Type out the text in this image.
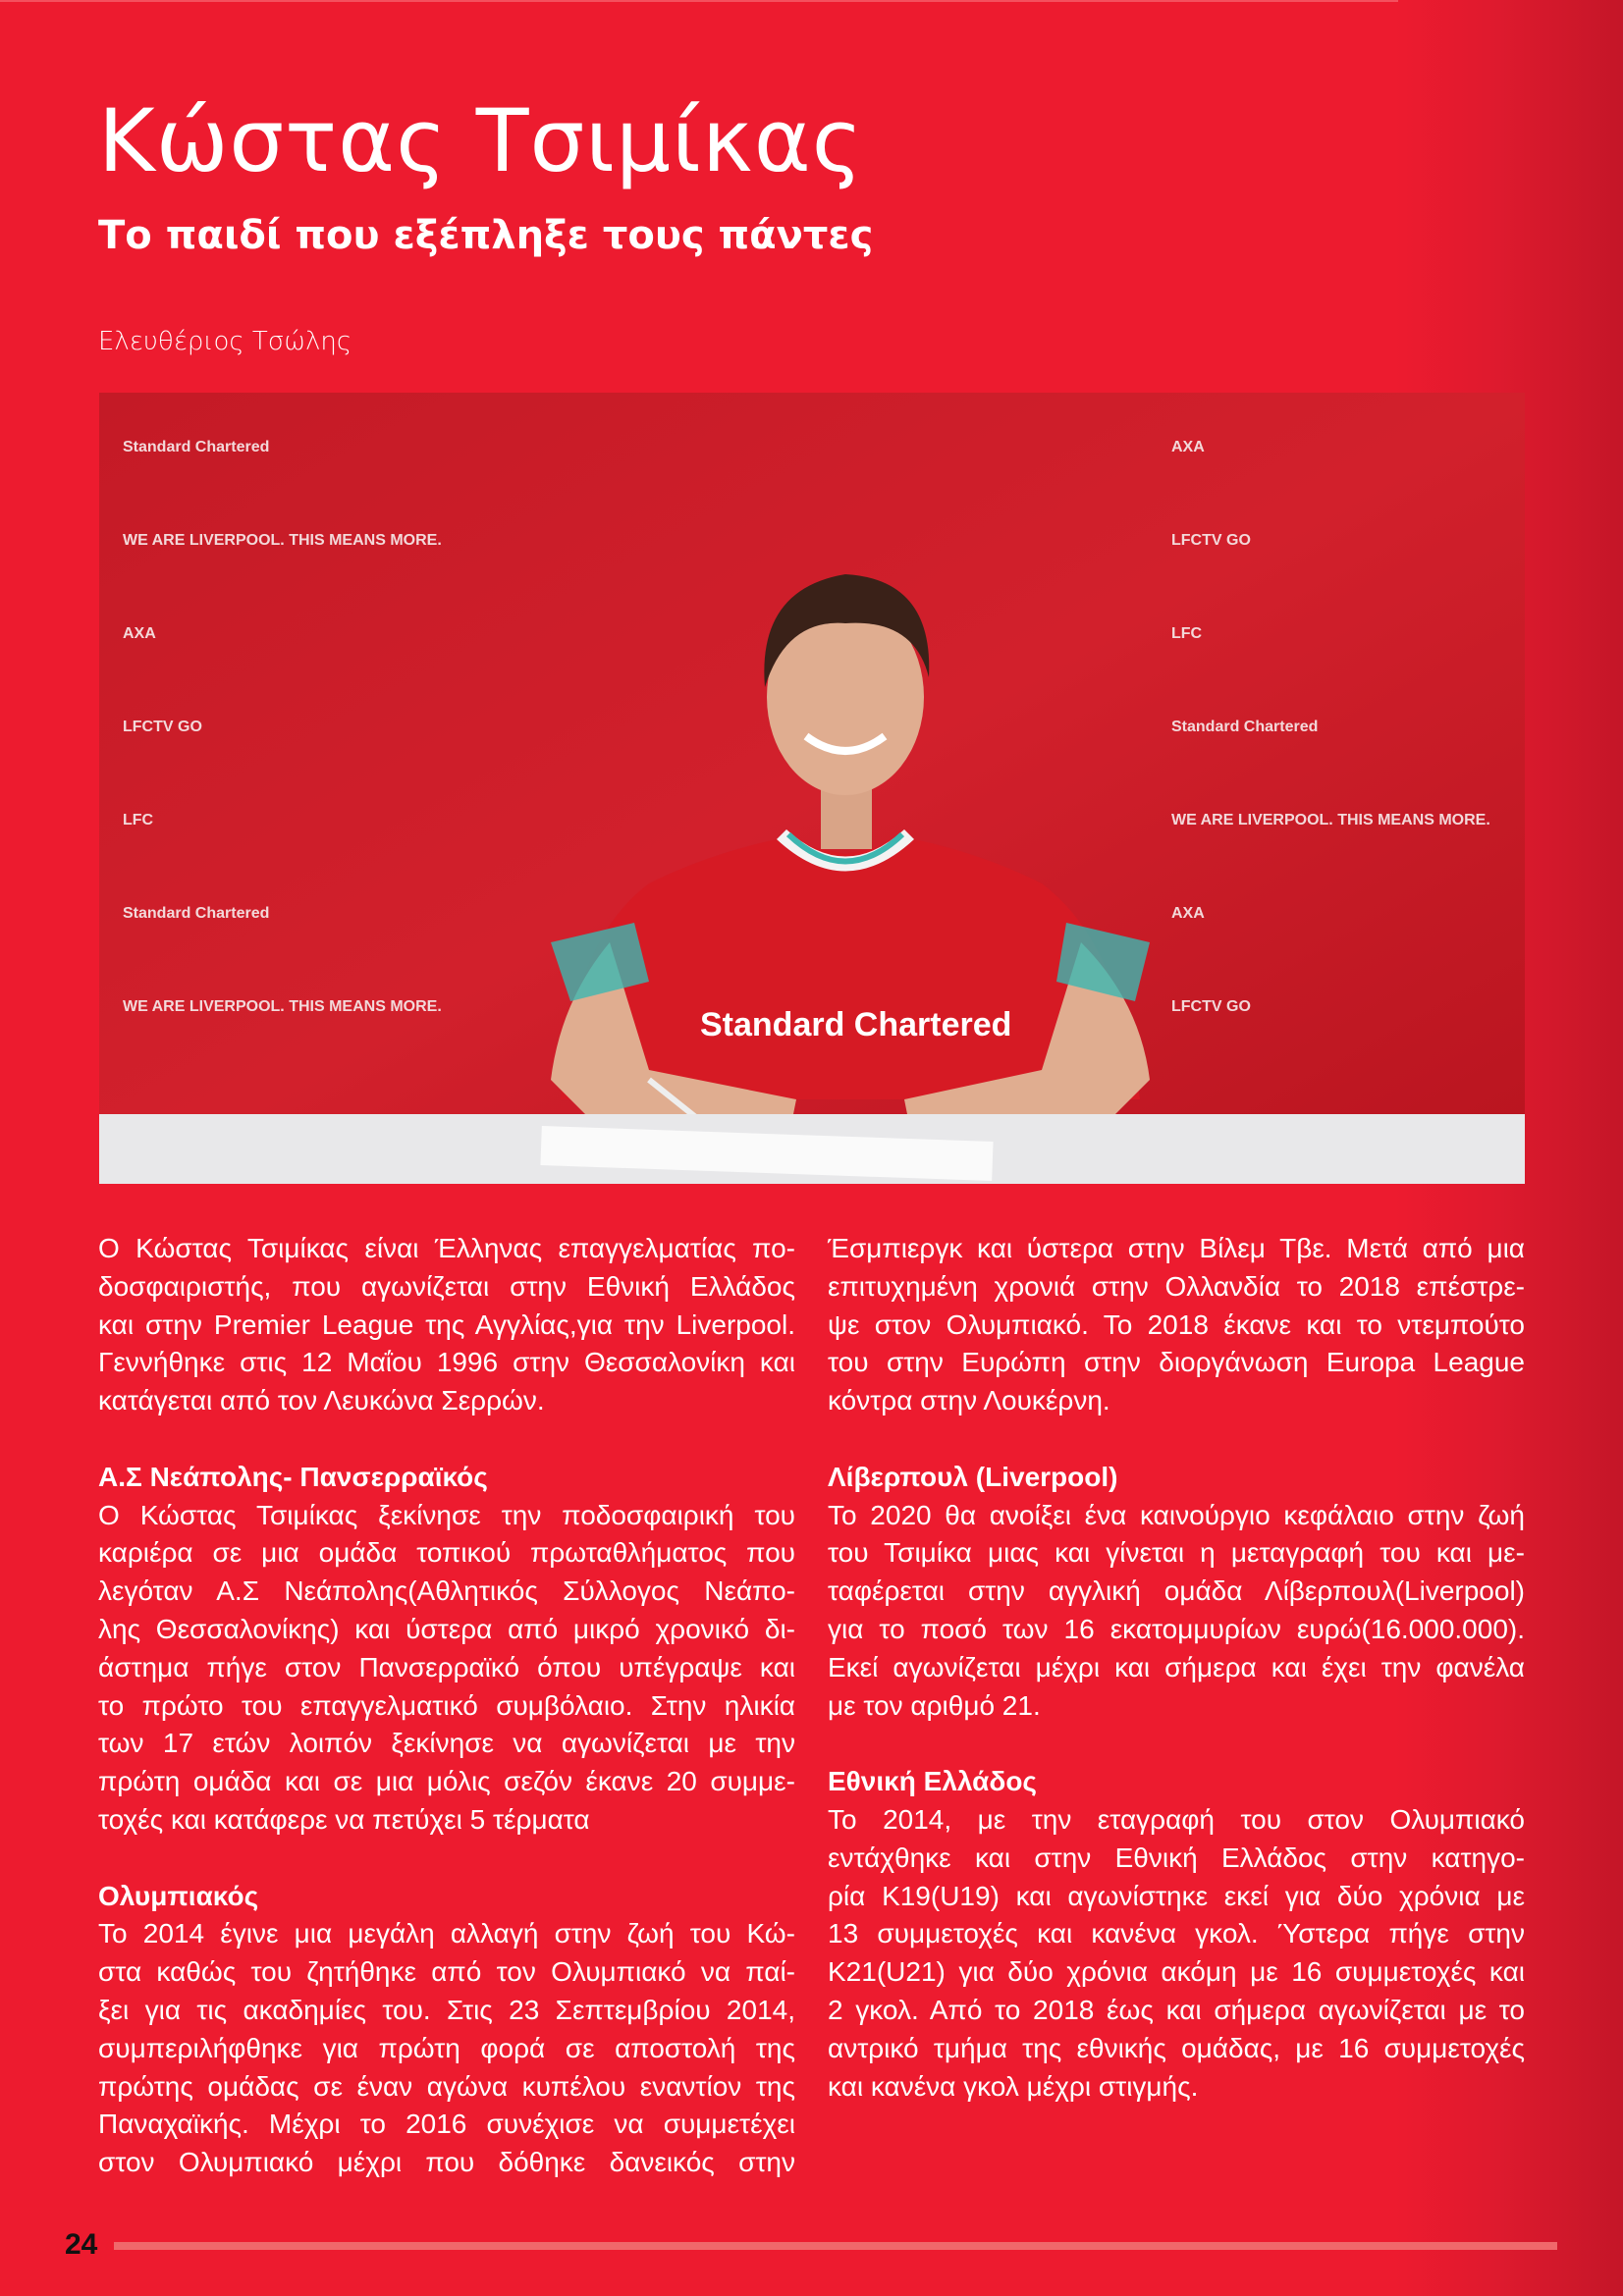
Κώστας Τσιμίκας
Το παιδί που εξέπληξε τους πάντες
Ελευθέριος Τσώλης
Standard Chartered
Standard Chartered
WE ARE LIVERPOOL. THIS MEANS MORE.
AXA
LFCTV GO
LFC
Standard Chartered
WE ARE LIVERPOOL. THIS MEANS MORE.
AXA
LFCTV GO
LFC
Standard Chartered
WE ARE LIVERPOOL. THIS MEANS MORE.
AXA
LFCTV GO
Ο Κώστας Τσιμίκας είναι Έλληνας επαγγελματίας πο-
δοσφαιριστής, που αγωνίζεται στην Εθνική Ελλάδος
και στην Premier League της Αγγλίας,για την Liverpool.
Γεννήθηκε στις 12 Μαΐου 1996 στην Θεσσαλονίκη και
κατάγεται από τον Λευκώνα Σερρών.
Α.Σ Νεάπολης- Πανσερραϊκός
Ο Κώστας Τσιμίκας ξεκίνησε την ποδοσφαιρική του
καριέρα σε μια ομάδα τοπικού πρωταθλήματος που
λεγόταν Α.Σ Νεάπολης(Αθλητικός Σύλλογος Νεάπο-
λης Θεσσαλονίκης) και ύστερα από μικρό χρονικό δι-
άστημα πήγε στον Πανσερραϊκό όπου υπέγραψε και
το πρώτο του επαγγελματικό συμβόλαιο. Στην ηλικία
των 17 ετών λοιπόν ξεκίνησε να αγωνίζεται με την
πρώτη ομάδα και σε μια μόλις σεζόν έκανε 20 συμμε-
τοχές και κατάφερε να πετύχει 5 τέρματα
Ολυμπιακός
Το 2014 έγινε μια μεγάλη αλλαγή στην ζωή του Κώ-
στα καθώς του ζητήθηκε από τον Ολυμπιακό να παί-
ξει για τις ακαδημίες του. Στις 23 Σεπτεμβρίου 2014,
συμπεριλήφθηκε για πρώτη φορά σε αποστολή της
πρώτης ομάδας σε έναν αγώνα κυπέλου εναντίον της
Παναχαϊκής. Μέχρι το 2016 συνέχισε να συμμετέχει
στον Ολυμπιακό μέχρι που δόθηκε δανεικός στην
Έσμπιεργκ και ύστερα στην Βίλεμ Τβε. Μετά από μια
επιτυχημένη χρονιά στην Ολλανδία το 2018 επέστρε-
ψε στον Ολυμπιακό. Το 2018 έκανε και το ντεμπούτο
του στην Ευρώπη στην διοργάνωση Europa League
κόντρα στην Λουκέρνη.
Λίβερπουλ (Liverpool)
Το 2020 θα ανοίξει ένα καινούργιο κεφάλαιο στην ζωή
του Τσιμίκα μιας και γίνεται η μεταγραφή του και με-
ταφέρεται στην αγγλική ομάδα Λίβερπουλ(Liverpool)
για το ποσό των 16 εκατομμυρίων ευρώ(16.000.000).
Εκεί αγωνίζεται μέχρι και σήμερα και έχει την φανέλα
με τον αριθμό 21.
Εθνική Ελλάδος
Το 2014, με την εταγραφή του στον Ολυμπιακό
εντάχθηκε και στην Εθνική Ελλάδος στην κατηγο-
ρία Κ19(U19) και αγωνίστηκε εκεί για δύο χρόνια με
13 συμμετοχές και κανένα γκολ. Ύστερα πήγε στην
Κ21(U21) για δύο χρόνια ακόμη με 16 συμμετοχές και
2 γκολ. Από το 2018 έως και σήμερα αγωνίζεται με το
αντρικό τμήμα της εθνικής ομάδας, με 16 συμμετοχές
και κανένα γκολ μέχρι στιγμής.
24
